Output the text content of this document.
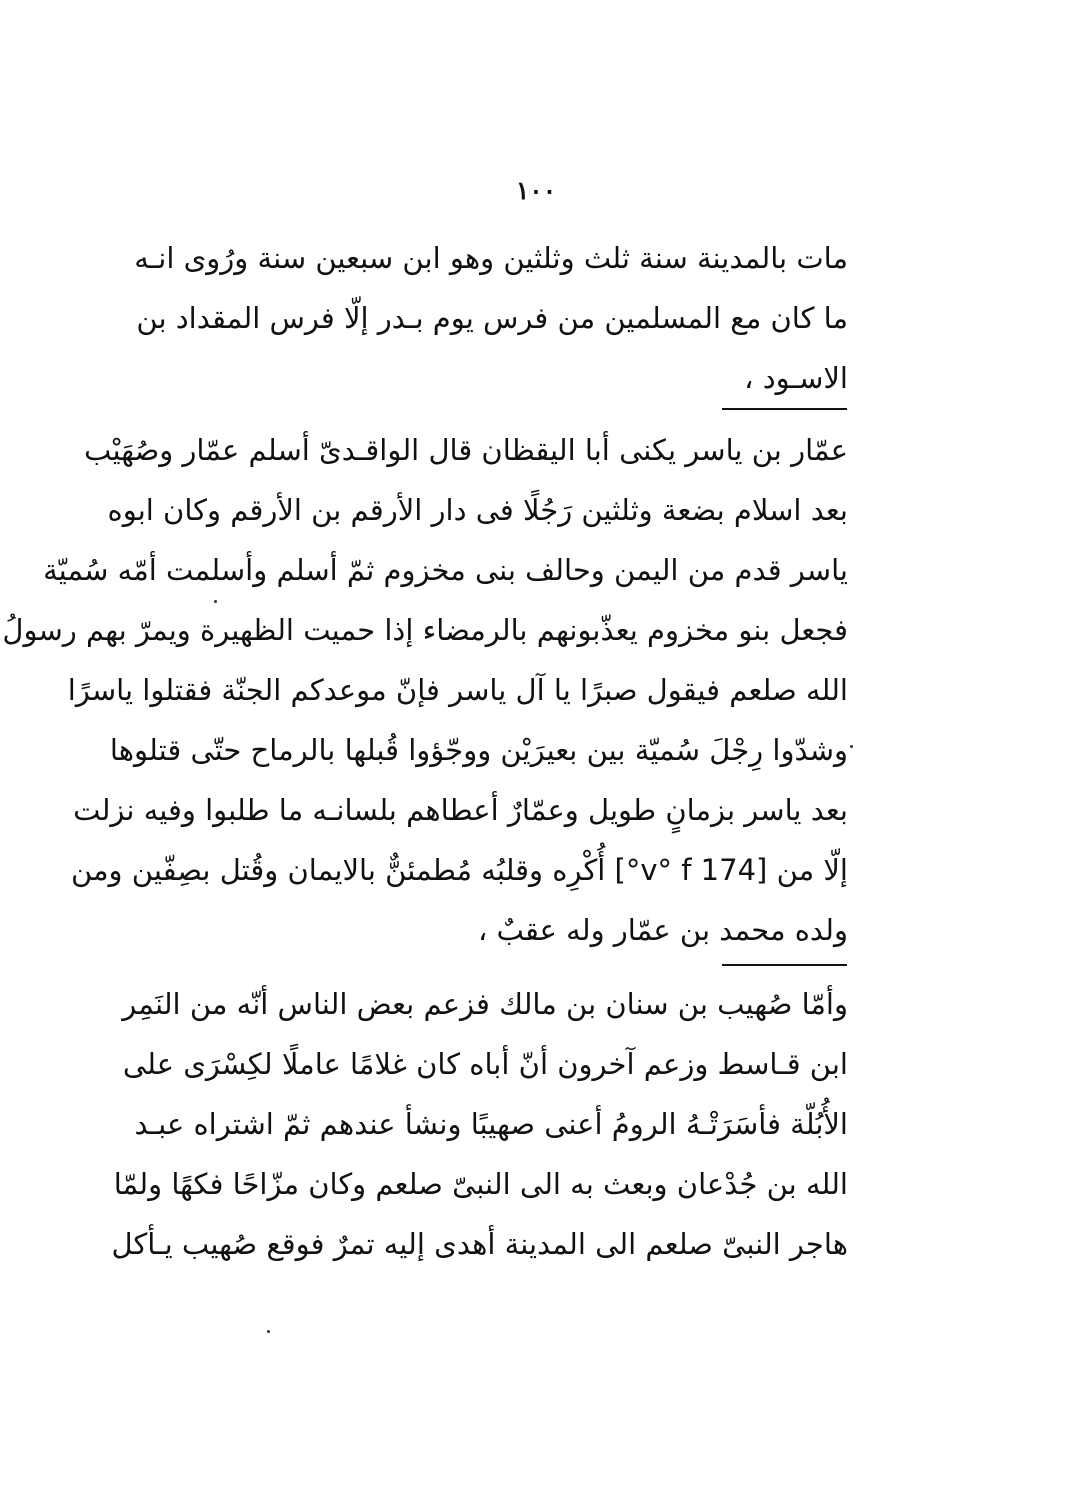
١٠٠
مات بالمدينة سنة ثلث وثلثين وهو ابن سبعين سنة ورُوى انـه
ما كان مع المسلمين من فرس يوم بـدر إلّا فرس المقداد بن
الاسـود ،
عمّار بن ياسر يكنى أبا اليقظان قال الواقـدىّ أسلم عمّار وصُهَيْب
بعد اسلام بضعة وثلثين رَجُلًا فى دار الأرقم بن الأرقم وكان ابوه
ياسر قدم من اليمن وحالف بنى مخزوم ثمّ أسلم وأسلمت أمّه سُميّة
فجعل بنو مخزوم يعذّبونهم بالرمضاء إذا حميت الظهيرة ويمرّ بهم رسولُ
الله صلعم فيقول صبرًا يا آل ياسر فإنّ موعدكم الجنّة فقتلوا ياسرًا
وشدّوا رِجْلَ سُميّة بين بعيرَيْن ووجّؤوا قُبلها بالرماح حتّى قتلوها
بعد ياسر بزمانٍ طويل وعمّارٌ أعطاهم بلسانـه ما طلبوا وفيه نزلت
إلّا من [174 v° f°] أُكْرِه وقلبُه مُطمئنٌّ بالايمان وقُتل بصِفّين ومن
ولده محمد بن عمّار وله عقبٌ ،
وأمّا صُهيب بن سنان بن مالك فزعم بعض الناس أنّه من النَمِر
ابن قـاسط وزعم آخرون أنّ أباه كان غلامًا عاملًا لكِسْرَى على
الأُبُلّة فأسَرَتْـهُ الرومُ أعنى صهيبًا ونشأ عندهم ثمّ اشتراه عبـد
الله بن جُدْعان وبعث به الى النبىّ صلعم وكان مزّاحًا فكهًا ولمّا
هاجر النبىّ صلعم الى المدينة أهدى إليه تمرٌ فوقع صُهيب يـأكل
